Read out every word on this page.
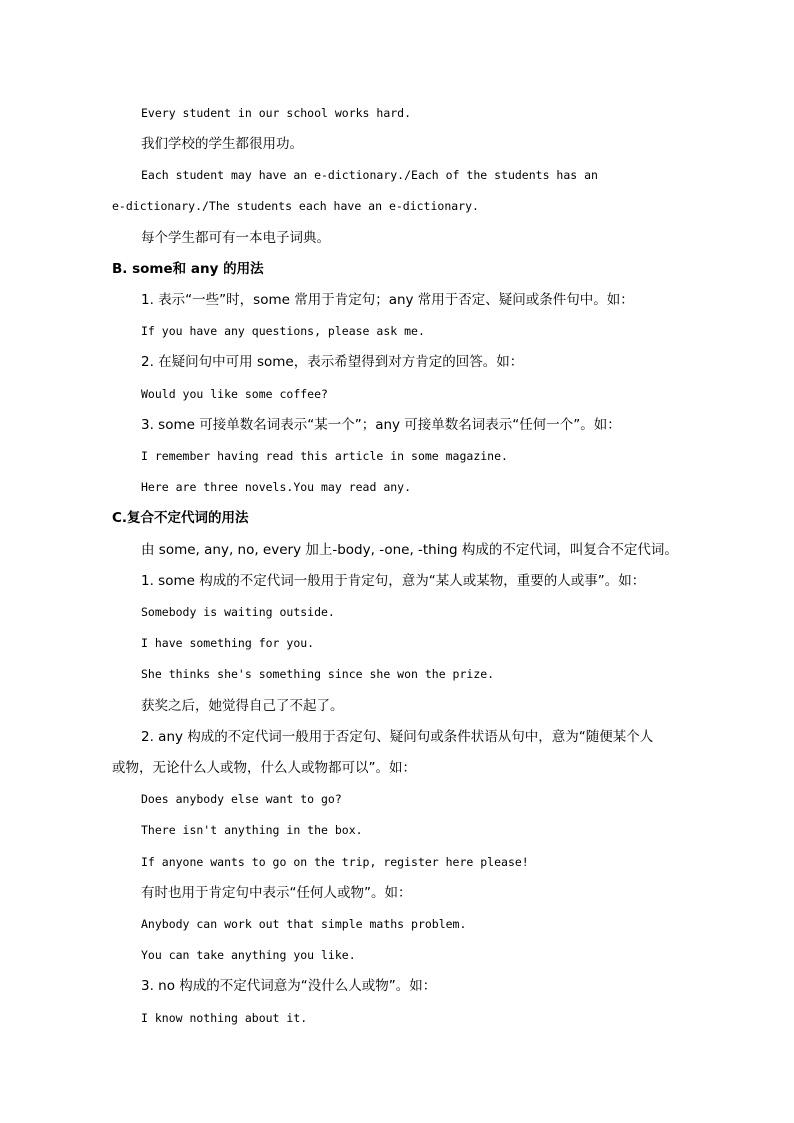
Every student in our school works hard.
我们学校的学生都很用功。
Each student may have an e-dictionary./Each of the students has an
e-dictionary./The students each have an e-dictionary.
每个学生都可有一本电子词典。
B. some和 any 的用法
1. 表示“一些”时，some 常用于肯定句；any 常用于否定、疑问或条件句中。如：
If you have any questions, please ask me.
2. 在疑问句中可用 some，表示希望得到对方肯定的回答。如：
Would you like some coffee?
3. some 可接单数名词表示“某一个”；any 可接单数名词表示“任何一个”。如：
I remember having read this article in some magazine.
Here are three novels.You may read any.
C.复合不定代词的用法
由 some, any, no, every 加上-body, -one, -thing 构成的不定代词，叫复合不定代词。
1. some 构成的不定代词一般用于肯定句，意为“某人或某物，重要的人或事”。如：
Somebody is waiting outside.
I have something for you.
She thinks she's something since she won the prize.
获奖之后，她觉得自己了不起了。
2. any 构成的不定代词一般用于否定句、疑问句或条件状语从句中，意为“随便某个人
或物，无论什么人或物，什么人或物都可以”。如：
Does anybody else want to go?
There isn't anything in the box.
If anyone wants to go on the trip, register here please!
有时也用于肯定句中表示“任何人或物”。如：
Anybody can work out that simple maths problem.
You can take anything you like.
3. no 构成的不定代词意为“没什么人或物”。如：
I know nothing about it.
